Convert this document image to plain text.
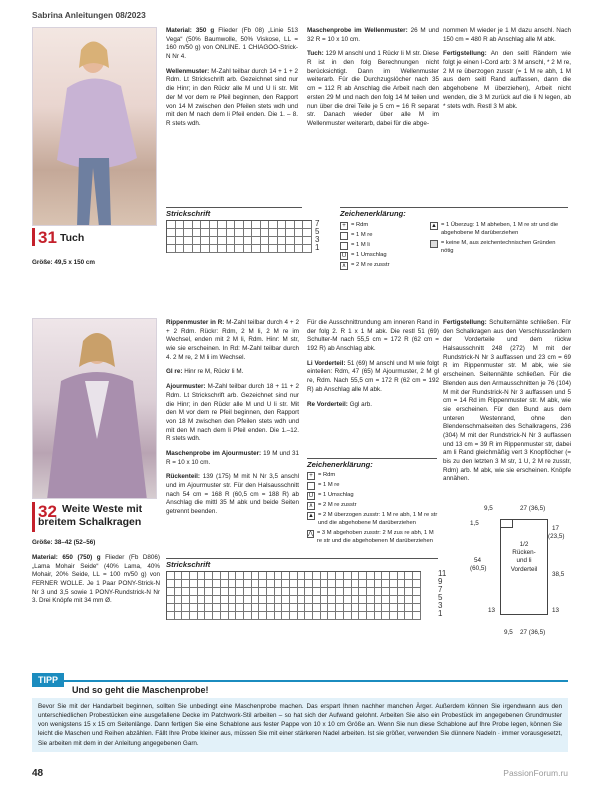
Sabrina Anleitungen 08/2023
31 Tuch
Größe: 49,5 x 150 cm

Material: 350 g Flieder (Fb 08) „Linie 513 Vega“ (50% Baumwolle, 50% Viskose, LL = 160 m/50 g) von ONLINE. 1 CHIAGOO-Strick-N Nr 4.

Wellenmuster: M-Zahl teilbar durch 14 + 1 + 2 Rdm. Lt Strickschrift arb. Gezeichnet sind nur die Hinr; in den Rückr alle M und U li str. Mit der M vor dem re Pfeil beginnen, den Rapport von 14 M zwischen den Pfeilen stets wdh und mit den M nach dem li Pfeil enden. Die 1. – 8. R stets wdh.

Maschenprobe im Wellenmuster: 26 M und 32 R = 10 x 10 cm.

Tuch: 129 M anschl und 1 Rückr li M str. Diese R ist in den folg Berechnungen nicht berücksichtigt. Dann im Wellenmuster weiterarb. Für die Durchzugslöcher nach 35 cm = 112 R ab Anschlag die Arbeit nach den ersten 29 M und nach den folg 14 M teilen und nun über die drei Teile je 5 cm = 16 R separat str. Danach wieder über alle M im Wellenmuster weiterarb, dabei für die abge-

nommen M wieder je 1 M dazu anschl. Nach 150 cm = 480 R ab Anschlag alle M abk.

Fertigstellung: An den seitl Rändern wie folgt je einen I-Cord arb: 3 M anschl, * 2 M re, 2 M re überzogen zusstr (= 1 M re abh, 1 M aus dem seitl Rand auffassen, dann die abgehobene M überziehen), Arbeit nicht wenden, die 3 M zurück auf die li N legen, ab * stets wdh. Restl 3 M abk.

Strickschrift
7
5
3
1
Zeichenerklärung:
+ = Rdm
= 1 M re
= 1 M li
U = 1 Umschlag
∧ = 2 M re zusstr
▲ = 1 Überzug: 1 M abheben, 1 M re str und die abgehobene M darüberziehen
= keine M, aus zeichentechnischen Gründen nötig
32 Weite Weste mit
breitem Schalkragen
Größe: 38–42 (52–56)

Material: 650 (750) g Flieder (Fb D806) „Lama Mohair Seide“ (40% Lama, 40% Mohair, 20% Seide, LL = 100 m/50 g) von FERNER WOLLE. Je 1 Paar PONY-Strick-N Nr 3 und 3,5 sowie 1 PONY-Rundstrick-N Nr 3. Drei Knöpfe mit 34 mm Ø.

Rippenmuster in R: M-Zahl teilbar durch 4 + 2 + 2 Rdm. Rückr: Rdm, 2 M li, 2 M re im Wechsel, enden mit 2 M li, Rdm. Hinr: M str, wie sie erscheinen. In Rd: M-Zahl teilbar durch 4. 2 M re, 2 M li im Wechsel.

Gl re: Hinr re M, Rückr li M.

Ajourmuster: M-Zahl teilbar durch 18 + 11 + 2 Rdm. Lt Strickschrift arb. Gezeichnet sind nur die Hinr; in den Rückr alle M und U li str. Mit den M vor dem re Pfeil beginnen, den Rapport von 18 M zwischen den Pfeilen stets wdh und mit den M nach dem li Pfeil enden. Die 1.–12. R stets wdh.

Maschenprobe im Ajourmuster: 19 M und 31 R = 10 x 10 cm.

Rückenteil: 139 (175) M mit N Nr 3,5 anschl und im Ajourmuster str. Für den Halsausschnitt nach 54 cm = 168 R (60,5 cm = 188 R) ab Anschlag die mittl 35 M abk und beide Seiten getrennt beenden.

Für die Ausschnittrundung am inneren Rand in der folg 2. R 1 x 1 M abk. Die restl 51 (69) Schulter-M nach 55,5 cm = 172 R (62 cm = 192 R) ab Anschlag abk.

Li Vorderteil: 51 (69) M anschl und M wie folgt einteilen: Rdm, 47 (65) M Ajourmuster, 2 M gl re, Rdm. Nach 55,5 cm = 172 R (62 cm = 192 R) ab Anschlag alle M abk.

Re Vorderteil: Ggl arb.

Fertigstellung: Schulternähte schließen. Für den Schalkragen aus den Verschlussrändern der Vorderteile und dem rückw Halsausschnitt 248 (272) M mit der Rundstrick-N Nr 3 auffassen und 23 cm = 69 R im Rippenmuster str. M abk, wie sie erscheinen. Seitennähte schließen. Für die Blenden aus den Armausschnitten je 76 (104) M mit der Rundstrick-N Nr 3 auffassen und 5 cm = 14 Rd im Rippenmuster str. M abk, wie sie erscheinen. Für den Bund aus dem unteren Westenrand, ohne den Blendenschmalseiten des Schalkragens, 236 (304) M mit der Rundstrick-N Nr 3 auffassen und 13 cm = 39 R im Rippenmuster str, dabei am li Rand gleichmäßig vert 3 Knopflöcher (= bis zu den letzten 3 M str, 1 U, 2 M re zusstr, Rdm) arb. M abk, wie sie erscheinen. Knöpfe annähen.

Zeichenerklärung:
+ = Rdm
= 1 M re
U = 1 Umschlag
∧ = 2 M re zusstr
▲ = 2 M überzogen zusstr: 1 M re abh, 1 M re str und die abgehobene M darüberziehen
⋀ = 3 M abgehoben zusstr: 2 M zus re abh, 1 M re str und die abgehobenen M darüberziehen
9,5	27 (36,5)
17
(23,5)
1,5
54
(60,5)
38,5
1/2
Rücken-
und li
Vorderteil
13	13
9,5 27 (36,5)
Strickschrift
11
9
7
5
3
1
TIPP
Und so geht die Maschenprobe!
Bevor Sie mit der Handarbeit beginnen, sollten Sie unbedingt eine Maschenprobe machen. Das erspart Ihnen nachher manchen Ärger. Außerdem können Sie irgendwann aus den unterschiedlichen Probestücken eine ausgefallene Decke im Patchwork-Stil arbeiten – so hat sich der Aufwand gelohnt. Arbeiten Sie also ein Probestück im angegebenen Grundmuster von wenigstens 15 x 15 cm Seitenlänge. Dann fertigen Sie eine Schablone aus fester Pappe von 10 x 10 cm Größe an. Wenn Sie nun diese Schablone auf Ihre Probe legen, können Sie leicht die Maschen und Reihen abzählen. Fällt Ihre Probe kleiner aus, müssen Sie mit einer stärkeren Nadel arbeiten. Ist sie größer, verwenden Sie dünnere Nadeln · immer vorausgesetzt, Sie arbeiten mit dem in der Anleitung angegebenen Garn.
48	PassionForum.ru
